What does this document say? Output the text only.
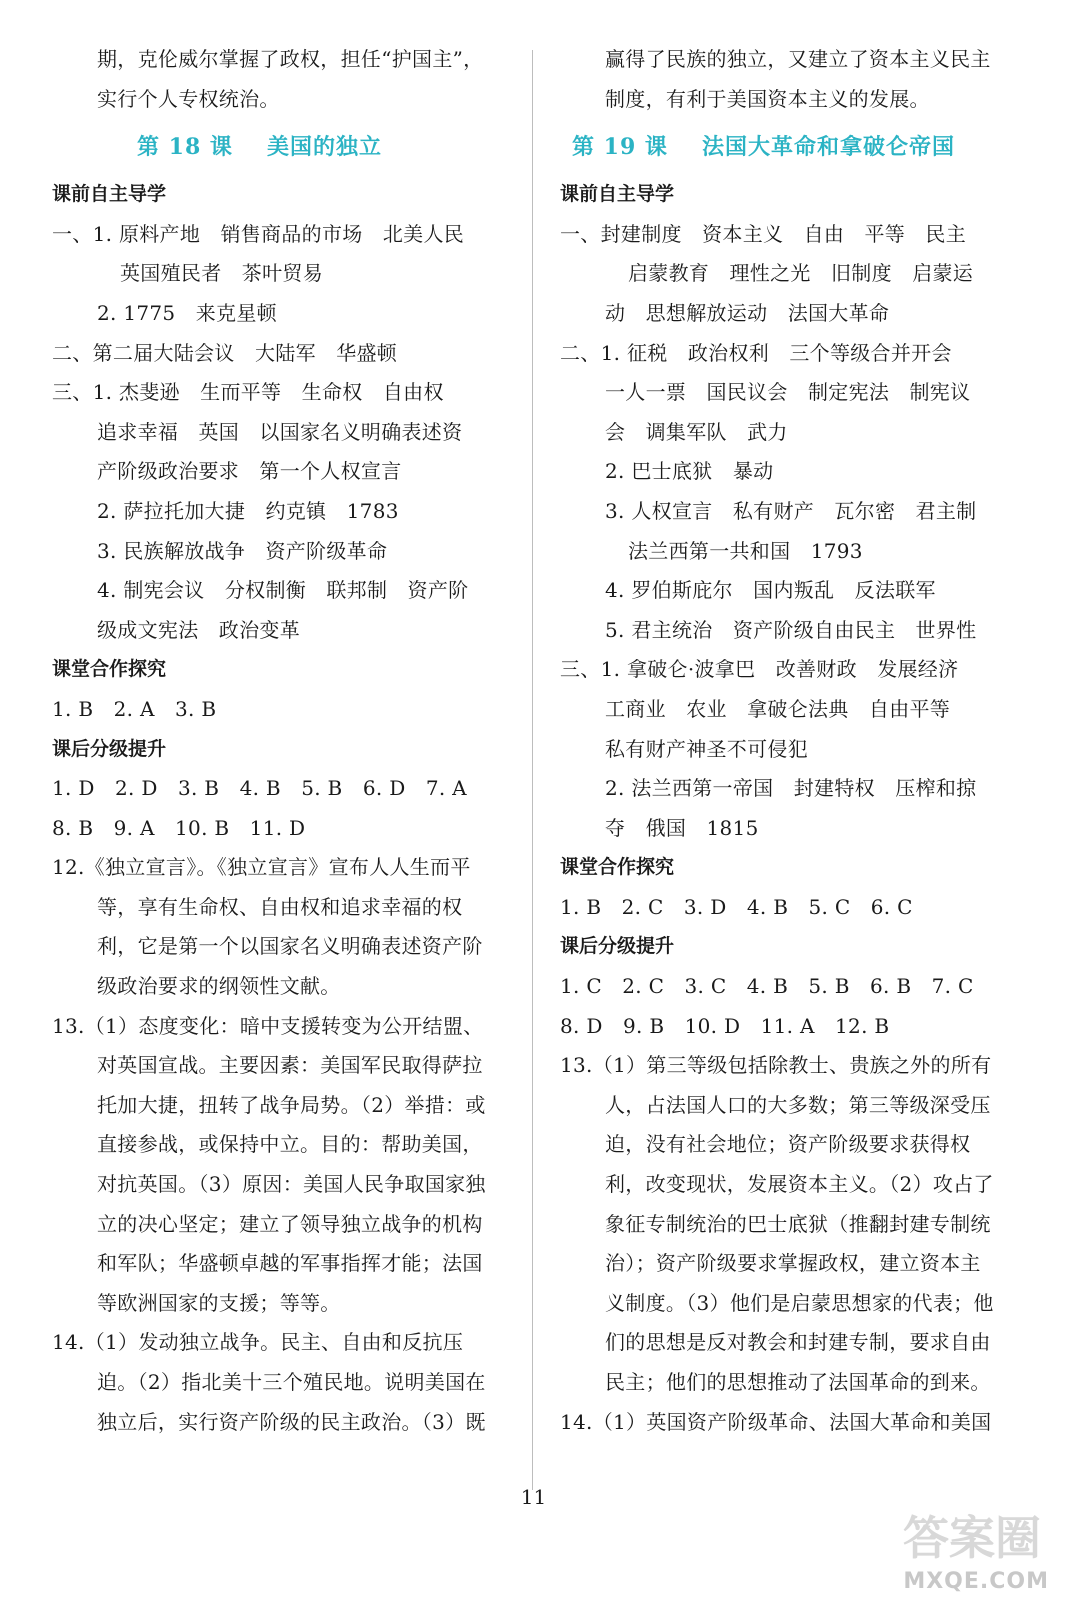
期，克伦威尔掌握了政权，担任“护国主”，
实行个人专权统治。
第 18 课 美国的独立
课前自主导学
一、1. 原料产地　销售商品的市场　北美人民
英国殖民者　茶叶贸易
2. 1775　来克星顿
二、第二届大陆会议　大陆军　华盛顿
三、1. 杰斐逊　生而平等　生命权　自由权
追求幸福　英国　以国家名义明确表述资
产阶级政治要求　第一个人权宣言
2. 萨拉托加大捷　约克镇　1783
3. 民族解放战争　资产阶级革命
4. 制宪会议　分权制衡　联邦制　资产阶
级成文宪法　政治变革
课堂合作探究
1. B　2. A　3. B
课后分级提升
1. D　2. D　3. B　4. B　5. B　6. D　7. A
8. B　9. A　10. B　11. D
12.《独立宣言》。《独立宣言》宣布人人生而平
等，享有生命权、自由权和追求幸福的权
利，它是第一个以国家名义明确表述资产阶
级政治要求的纲领性文献。
13.（1）态度变化：暗中支援转变为公开结盟、
对英国宣战。主要因素：美国军民取得萨拉
托加大捷，扭转了战争局势。（2）举措：或
直接参战，或保持中立。目的：帮助美国，
对抗英国。（3）原因：美国人民争取国家独
立的决心坚定；建立了领导独立战争的机构
和军队；华盛顿卓越的军事指挥才能；法国
等欧洲国家的支援；等等。
14.（1）发动独立战争。民主、自由和反抗压
迫。（2）指北美十三个殖民地。说明美国在
独立后，实行资产阶级的民主政治。（3）既
赢得了民族的独立，又建立了资本主义民主
制度，有利于美国资本主义的发展。
第 19 课 法国大革命和拿破仑帝国
课前自主导学
一、封建制度　资本主义　自由　平等　民主
启蒙教育　理性之光　旧制度　启蒙运
动　思想解放运动　法国大革命
二、1. 征税　政治权利　三个等级合并开会
一人一票　国民议会　制定宪法　制宪议
会　调集军队　武力
2. 巴士底狱　暴动
3. 人权宣言　私有财产　瓦尔密　君主制
法兰西第一共和国　1793
4. 罗伯斯庇尔　国内叛乱　反法联军
5. 君主统治　资产阶级自由民主　世界性
三、1. 拿破仑·波拿巴　改善财政　发展经济
工商业　农业　拿破仑法典　自由平等
私有财产神圣不可侵犯
2. 法兰西第一帝国　封建特权　压榨和掠
夺　俄国　1815
课堂合作探究
1. B　2. C　3. D　4. B　5. C　6. C
课后分级提升
1. C　2. C　3. C　4. B　5. B　6. B　7. C
8. D　9. B　10. D　11. A　12. B
13.（1）第三等级包括除教士、贵族之外的所有
人，占法国人口的大多数；第三等级深受压
迫，没有社会地位；资产阶级要求获得权
利，改变现状，发展资本主义。（2）攻占了
象征专制统治的巴士底狱（推翻封建专制统
治）；资产阶级要求掌握政权，建立资本主
义制度。（3）他们是启蒙思想家的代表；他
们的思想是反对教会和封建专制，要求自由
民主；他们的思想推动了法国革命的到来。
14.（1）英国资产阶级革命、法国大革命和美国
11
答案圈
MXQE.COM
